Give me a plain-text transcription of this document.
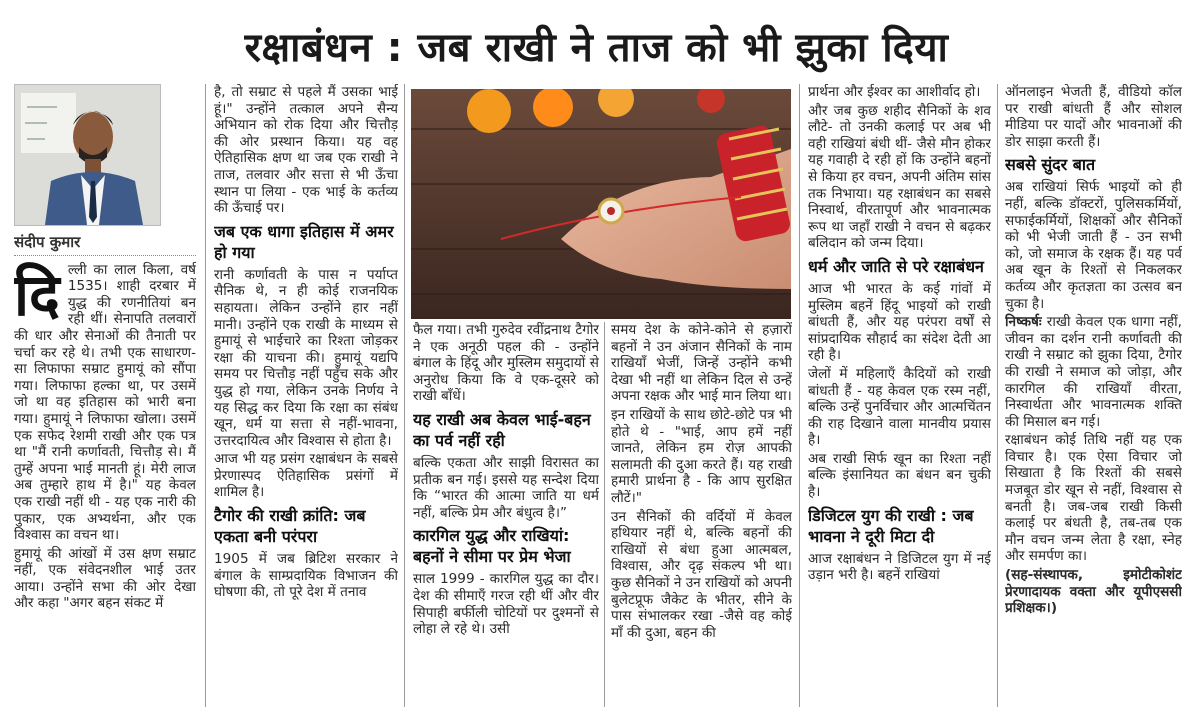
रक्षाबंधन : जब राखी ने ताज को भी झुका दिया
संदीप कुमार

दिल्ली का लाल किला, वर्ष 1535। शाही दरबार में युद्ध की रणनीतियां बन रही थीं। सेनापति तलवारों की धार और सेनाओं की तैनाती पर चर्चा कर रहे थे। तभी एक साधारण-सा लिफाफा सम्राट हुमायूं को सौंपा गया। लिफाफा हल्का था, पर उसमें जो था वह इतिहास को भारी बना गया। हुमायूं ने लिफाफा खोला। उसमें एक सफेद रेशमी राखी और एक पत्र था "मैं रानी कर्णावती, चित्तौड़ से। मैं तुम्हें अपना भाई मानती हूं। मेरी लाज अब तुम्हारे हाथ में है।" यह केवल एक राखी नहीं थी - यह एक नारी की पुकार, एक अभ्यर्थना, और एक विश्वास का वचन था।

हुमायूं की आंखों में उस क्षण सम्राट नहीं, एक संवेदनशील भाई उतर आया। उन्होंने सभा की ओर देखा और कहा "अगर बहन संकट में

है, तो सम्राट से पहले मैं उसका भाई हूं।" उन्होंने तत्काल अपने सैन्य अभियान को रोक दिया और चित्तौड़ की ओर प्रस्थान किया। यह वह ऐतिहासिक क्षण था जब एक राखी ने ताज, तलवार और सत्ता से भी ऊँचा स्थान पा लिया - एक भाई के कर्तव्य की ऊँचाई पर।

जब एक धागा इतिहास में अमर हो गया

रानी कर्णावती के पास न पर्याप्त सैनिक थे, न ही कोई राजनयिक सहायता। लेकिन उन्होंने हार नहीं मानी। उन्होंने एक राखी के माध्यम से हुमायूं से भाईचारे का रिश्ता जोड़कर रक्षा की याचना की। हुमायूं यद्यपि समय पर चित्तौड़ नहीं पहुँच सके और युद्ध हो गया, लेकिन उनके निर्णय ने यह सिद्ध कर दिया कि रक्षा का संबंध खून, धर्म या सत्ता से नहीं-भावना, उत्तरदायित्व और विश्वास से होता है।

आज भी यह प्रसंग रक्षाबंधन के सबसे प्रेरणास्पद ऐतिहासिक प्रसंगों में शामिल है।

टैगोर की राखी क्रांति: जब एकता बनी परंपरा

1905 में जब ब्रिटिश सरकार ने बंगाल के साम्प्रदायिक विभाजन की घोषणा की, तो पूरे देश में तनाव

फैल गया। तभी गुरुदेव रवींद्रनाथ टैगोर ने एक अनूठी पहल की - उन्होंने बंगाल के हिंदू और मुस्लिम समुदायों से अनुरोध किया कि वे एक-दूसरे को राखी बाँधें।

यह राखी अब केवल भाई-बहन का पर्व नहीं रही

बल्कि एकता और साझी विरासत का प्रतीक बन गई। इससे यह सन्देश दिया कि “भारत की आत्मा जाति या धर्म नहीं, बल्कि प्रेम और बंधुत्व है।”

कारगिल युद्ध और राखियां: बहनों ने सीमा पर प्रेम भेजा

साल 1999 - कारगिल युद्ध का दौर। देश की सीमाएँ गरज रही थीं और वीर सिपाही बर्फीली चोटियों पर दुश्मनों से लोहा ले रहे थे। उसी

समय देश के कोने-कोने से हज़ारों बहनों ने उन अंजान सैनिकों के नाम राखियाँ भेजीं, जिन्हें उन्होंने कभी देखा भी नहीं था लेकिन दिल से उन्हें अपना रक्षक और भाई मान लिया था।

इन राखियों के साथ छोटे-छोटे पत्र भी होते थे - "भाई, आप हमें नहीं जानते, लेकिन हम रोज़ आपकी सलामती की दुआ करते हैं। यह राखी हमारी प्रार्थना है - कि आप सुरक्षित लौटें।"

उन सैनिकों की वर्दियों में केवल हथियार नहीं थे, बल्कि बहनों की राखियों से बंधा हुआ आत्मबल, विश्वास, और दृढ़ संकल्प भी था। कुछ सैनिकों ने उन राखियों को अपनी बुलेटप्रूफ जैकेट के भीतर, सीने के पास संभालकर रखा -जैसे वह कोई माँ की दुआ, बहन की

प्रार्थना और ईश्वर का आशीर्वाद हो।

और जब कुछ शहीद सैनिकों के शव लौटे- तो उनकी कलाई पर अब भी वही राखियां बंधी थीं- जैसे मौन होकर यह गवाही दे रही हों कि उन्होंने बहनों से किया हर वचन, अपनी अंतिम सांस तक निभाया। यह रक्षाबंधन का सबसे निस्वार्थ, वीरतापूर्ण और भावनात्मक रूप था जहाँ राखी ने वचन से बढ़कर बलिदान को जन्म दिया।

धर्म और जाति से परे रक्षाबंधन

आज भी भारत के कई गांवों में मुस्लिम बहनें हिंदू भाइयों को राखी बांधती हैं, और यह परंपरा वर्षों से सांप्रदायिक सौहार्द का संदेश देती आ रही है।

जेलों में महिलाएँ कैदियों को राखी बांधती हैं - यह केवल एक रस्म नहीं, बल्कि उन्हें पुनर्विचार और आत्मचिंतन की राह दिखाने वाला मानवीय प्रयास है।

अब राखी सिर्फ खून का रिश्ता नहीं बल्कि इंसानियत का बंधन बन चुकी है।

डिजिटल युग की राखी : जब भावना ने दूरी मिटा दी

आज रक्षाबंधन ने डिजिटल युग में नई उड़ान भरी है। बहनें राखियां

ऑनलाइन भेजती हैं, वीडियो कॉल पर राखी बांधती हैं और सोशल मीडिया पर यादों और भावनाओं की डोर साझा करती हैं।

सबसे सुंदर बात

अब राखियां सिर्फ भाइयों को ही नहीं, बल्कि डॉक्टरों, पुलिसकर्मियों, सफाईकर्मियों, शिक्षकों और सैनिकों को भी भेजी जाती हैं - उन सभी को, जो समाज के रक्षक हैं। यह पर्व अब खून के रिश्तों से निकलकर कर्तव्य और कृतज्ञता का उत्सव बन चुका है।

निष्कर्षः राखी केवल एक धागा नहीं, जीवन का दर्शन रानी कर्णावती की राखी ने सम्राट को झुका दिया, टैगोर की राखी ने समाज को जोड़ा, और कारगिल की राखियाँ वीरता, निस्वार्थता और भावनात्मक शक्ति की मिसाल बन गई।

रक्षाबंधन कोई तिथि नहीं यह एक विचार है। एक ऐसा विचार जो सिखाता है कि रिश्तों की सबसे मजबूत डोर खून से नहीं, विश्वास से बनती है। जब-जब राखी किसी कलाई पर बंधती है, तब-तब एक मौन वचन जन्म लेता है रक्षा, स्नेह और समर्पण का।

(सह-संस्थापक, इमोटीकोशंट प्रेरणादायक वक्ता और यूपीएससी प्रशिक्षक।)
